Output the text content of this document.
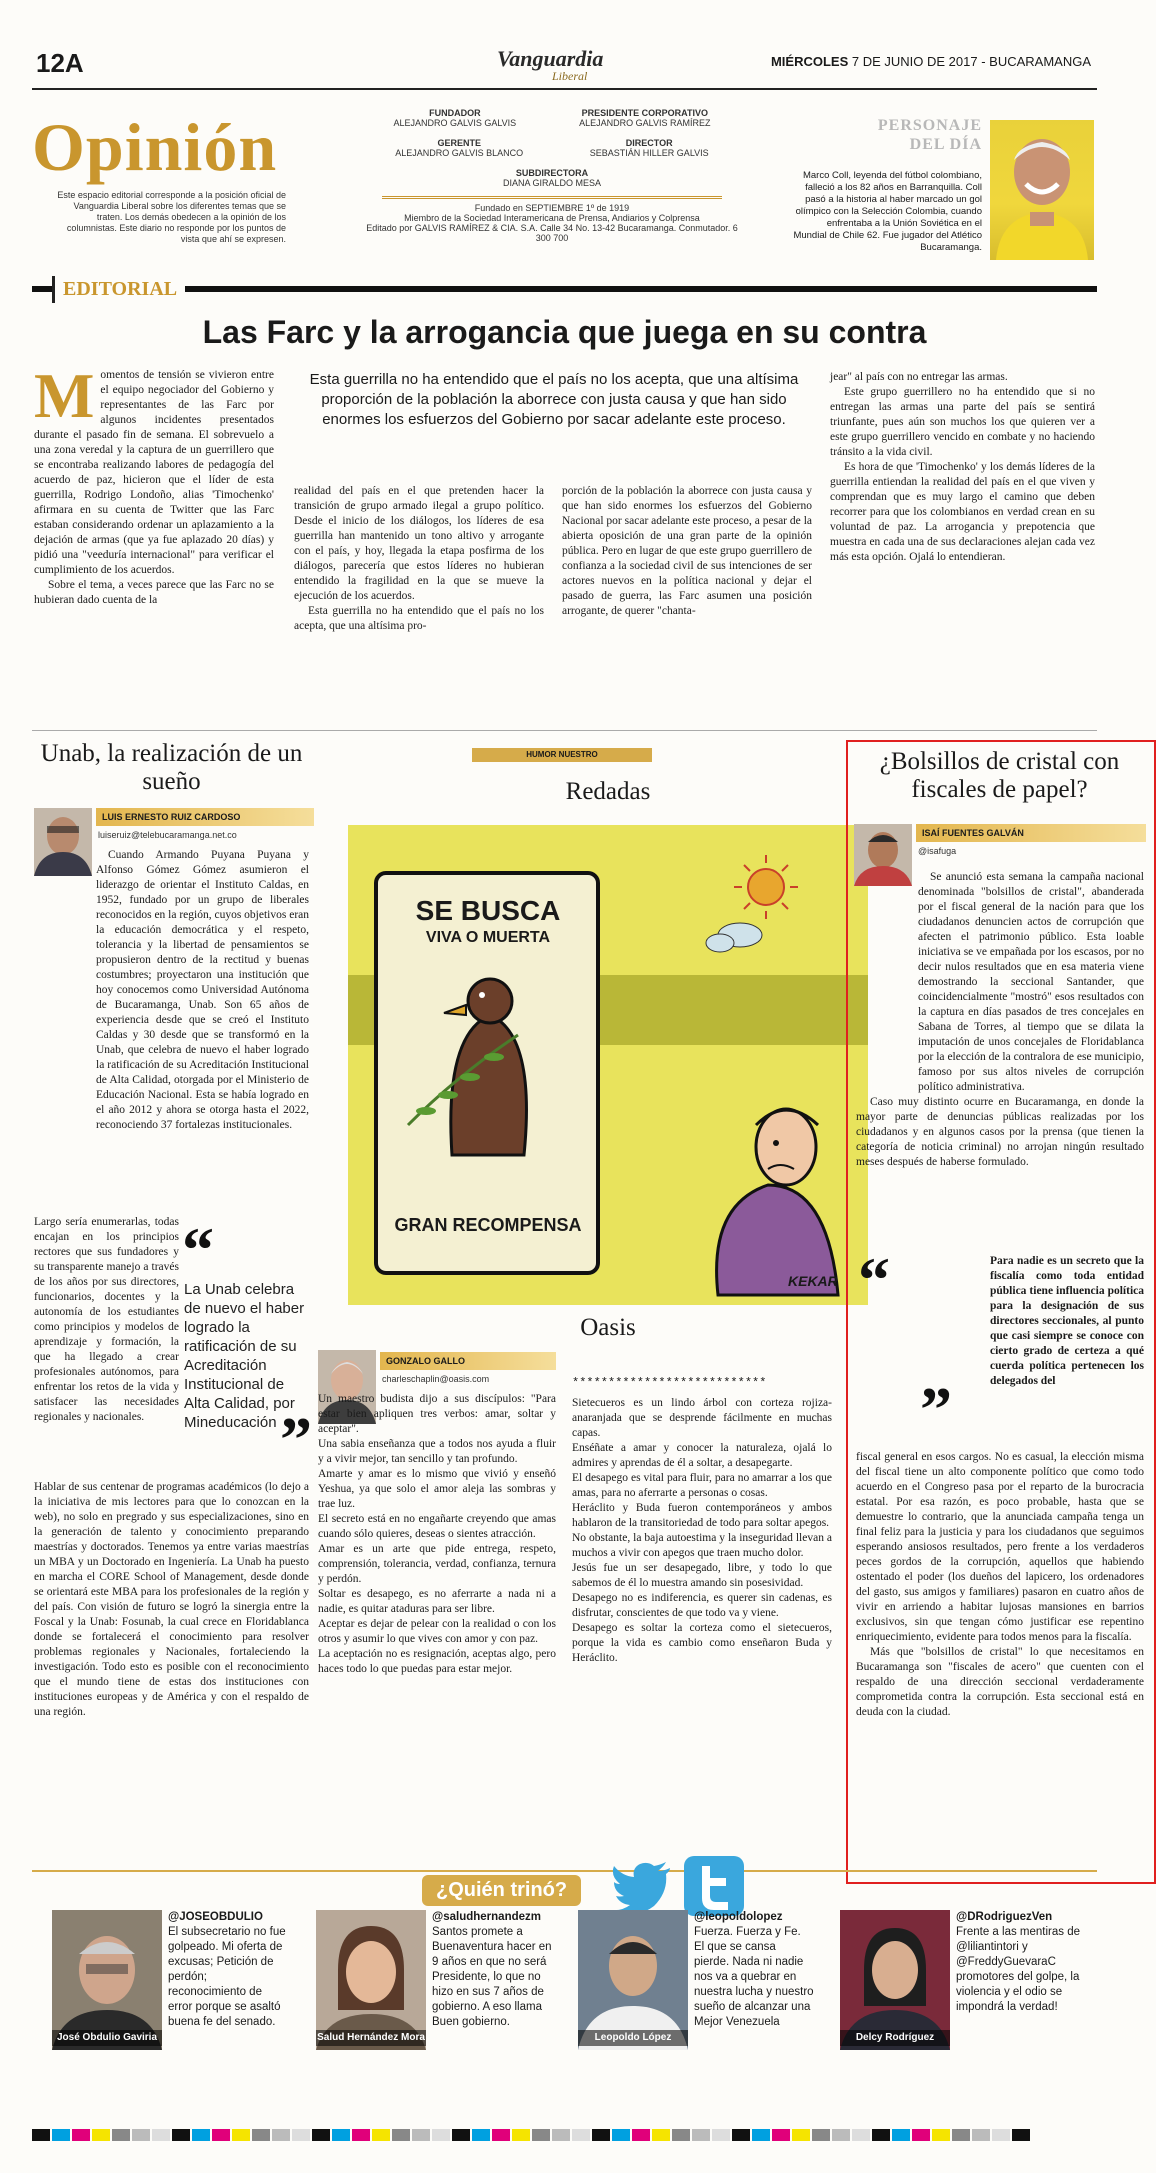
12A	Vanguardia
Liberal
MIÉRCOLES 7 DE JUNIO DE 2017 - BUCARAMANGA
Opinión
Este espacio editorial corresponde a la posición oficial de Vanguardia Liberal sobre los diferentes temas que se traten. Los demás obedecen a la opinión de los columnistas. Este diario no responde por los puntos de vista que ahí se expresen.
FUNDADOR
ALEJANDRO GALVIS GALVIS
PRESIDENTE CORPORATIVO
ALEJANDRO GALVIS RAMÍREZ
GERENTE
ALEJANDRO GALVIS BLANCO
DIRECTOR
SEBASTIÁN HILLER GALVIS
SUBDIRECTORA
DIANA GIRALDO MESA
Fundado en SEPTIEMBRE 1º de 1919
Miembro de la Sociedad Interamericana de Prensa, Andiarios y Colprensa
Editado por GALVIS RAMÍREZ & CIA. S.A. Calle 34 No. 13-42 Bucaramanga. Conmutador. 6 300 700
PERSONAJE
DEL DÍA
Marco Coll, leyenda del fútbol colombiano, falleció a los 82 años en Barranquilla. Coll pasó a la historia al haber marcado un gol olímpico con la Selección Colombia, cuando enfrentaba a la Unión Soviética en el Mundial de Chile 62. Fue jugador del Atlético Bucaramanga.
EDITORIAL
Las Farc y la arrogancia que juega en su contra
Momentos de tensión se vivieron entre el equipo negociador del Gobierno y representantes de las Farc por algunos incidentes presentados durante el pasado fin de semana. El sobrevuelo a una zona veredal y la captura de un guerrillero que se encontraba realizando labores de pedagogía del acuerdo de paz, hicieron que el líder de esta guerrilla, Rodrigo Londoño, alias 'Timochenko' afirmara en su cuenta de Twitter que las Farc estaban considerando ordenar un aplazamiento a la dejación de armas (que ya fue aplazado 20 días) y pidió una "veeduría internacional" para verificar el cumplimiento de los acuerdos.

Sobre el tema, a veces parece que las Farc no se hubieran dado cuenta de la

Esta guerrilla no ha entendido que el país no los acepta, que una altísima proporción de la población la aborrece con justa causa y que han sido enormes los esfuerzos del Gobierno por sacar adelante este proceso.
realidad del país en el que pretenden hacer la transición de grupo armado ilegal a grupo político. Desde el inicio de los diálogos, los líderes de esa guerrilla han mantenido un tono altivo y arrogante con el país, y hoy, llegada la etapa posfirma de los diálogos, parecería que estos líderes no hubieran entendido la fragilidad en la que se mueve la ejecución de los acuerdos.

Esta guerrilla no ha entendido que el país no los acepta, que una altísima pro-

porción de la población la aborrece con justa causa y que han sido enormes los esfuerzos del Gobierno Nacional por sacar adelante este proceso, a pesar de la abierta oposición de una gran parte de la opinión pública. Pero en lugar de que este grupo guerrillero de confianza a la sociedad civil de sus intenciones de ser actores nuevos en la política nacional y dejar el pasado de guerra, las Farc asumen una posición arrogante, de querer "chanta-
jear" al país con no entregar las armas.

Este grupo guerrillero no ha entendido que si no entregan las armas una parte del país se sentirá triunfante, pues aún son muchos los que quieren ver a este grupo guerrillero vencido en combate y no haciendo tránsito a la vida civil.

Es hora de que 'Timochenko' y los demás líderes de la guerrilla entiendan la realidad del país en el que viven y comprendan que es muy largo el camino que deben recorrer para que los colombianos en verdad crean en su voluntad de paz. La arrogancia y prepotencia que muestra en cada una de sus declaraciones alejan cada vez más esta opción. Ojalá lo entendieran.

Unab, la realización de un sueño
LUIS ERNESTO RUIZ CARDOSO
luiseruiz@telebucaramanga.net.co

Cuando Armando Puyana Puyana y Alfonso Gómez Gómez asumieron el liderazgo de orientar el Instituto Caldas, en 1952, fundado por un grupo de liberales reconocidos en la región, cuyos objetivos eran la educación democrática y el respeto, tolerancia y la libertad de pensamientos se propusieron dentro de la rectitud y buenas costumbres; proyectaron una institución que hoy conocemos como Universidad Autónoma de Bucaramanga, Unab. Son 65 años de experiencia desde que se creó el Instituto Caldas y 30 desde que se transformó en la Unab, que celebra de nuevo el haber logrado la ratificación de su Acreditación Institucional de Alta Calidad, otorgada por el Ministerio de Educación Nacional. Esta se había logrado en el año 2012 y ahora se otorga hasta el 2022, reconociendo 37 fortalezas institucionales.

Largo sería enumerarlas, todas encajan en los principios rectores que sus fundadores y su transparente manejo a través de los años por sus directores, funcionarios, docentes y la autonomía de los estudiantes como principios y modelos de aprendizaje y formación, la que ha llegado a crear profesionales autónomos, para enfrentar los retos de la vida y satisfacer las necesidades regionales y nacionales.
“
La Unab celebra de nuevo el haber logrado la ratificación de su Acreditación Institucional de Alta Calidad, por Mineducación ”
Hablar de sus centenar de programas académicos (lo dejo a la iniciativa de mis lectores para que lo conozcan en la web), no solo en pregrado y sus especializaciones, sino en la generación de talento y conocimiento preparando maestrías y doctorados. Tenemos ya entre varias maestrías un MBA y un Doctorado en Ingeniería. La Unab ha puesto en marcha el CORE School of Management, desde donde se orientará este MBA para los profesionales de la región y del país. Con visión de futuro se logró la sinergia entre la Foscal y la Unab: Fosunab, la cual crece en Floridablanca donde se fortalecerá el conocimiento para resolver problemas regionales y Nacionales, fortaleciendo la investigación. Todo esto es posible con el reconocimiento que el mundo tiene de estas dos instituciones con instituciones europeas y de América y con el respaldo de una región.
HUMOR NUESTRO
Redadas
SE BUSCA
VIVA O MUERTA
GRAN RECOMPENSA
KEKAR
Oasis
GONZALO GALLO
charleschaplin@oasis.com
Un maestro budista dijo a sus discípulos: "Para estar bien apliquen tres verbos: amar, soltar y aceptar".
Una sabia enseñanza que a todos nos ayuda a fluir y a vivir mejor, tan sencillo y tan profundo.
Amarte y amar es lo mismo que vivió y enseñó Yeshua, ya que solo el amor aleja las sombras y trae luz.
El secreto está en no engañarte creyendo que amas cuando sólo quieres, deseas o sientes atracción.
Amar es un arte que pide entrega, respeto, comprensión, tolerancia, verdad, confianza, ternura y perdón.
Soltar es desapego, es no aferrarte a nada ni a nadie, es quitar ataduras para ser libre.
Aceptar es dejar de pelear con la realidad o con los otros y asumir lo que vives con amor y con paz.
La aceptación no es resignación, aceptas algo, pero haces todo lo que puedas para estar mejor.
***************************
Sietecueros es un lindo árbol con corteza rojiza-anaranjada que se desprende fácilmente en muchas capas.
Enséñate a amar y conocer la naturaleza, ojalá lo admires y aprendas de él a soltar, a desapegarte.
El desapego es vital para fluir, para no amarrar a los que amas, para no aferrarte a personas o cosas.
Heráclito y Buda fueron contemporáneos y ambos hablaron de la transitoriedad de todo para soltar apegos.
No obstante, la baja autoestima y la inseguridad llevan a muchos a vivir con apegos que traen mucho dolor.
Jesús fue un ser desapegado, libre, y todo lo que sabemos de él lo muestra amando sin posesividad.
Desapego no es indiferencia, es querer sin cadenas, es disfrutar, conscientes de que todo va y viene.
Desapego es soltar la corteza como el sietecueros, porque la vida es cambio como enseñaron Buda y Heráclito.
¿Bolsillos de cristal con fiscales de papel?
ISAÍ FUENTES GALVÁN
@isafuga

Se anunció esta semana la campaña nacional denominada "bolsillos de cristal", abanderada por el fiscal general de la nación para que los ciudadanos denuncien actos de corrupción que afecten el patrimonio público. Esta loable iniciativa se ve empañada por los escasos, por no decir nulos resultados que en esa materia viene demostrando la seccional Santander, que coincidencialmente "mostró" esos resultados con la captura en días pasados de tres concejales en Sabana de Torres, al tiempo que se dilata la imputación de unos concejales de Floridablanca por la elección de la contralora de ese municipio, famoso por sus altos niveles de corrupción político administrativa.

Caso muy distinto ocurre en Bucaramanga, en donde la mayor parte de denuncias públicas realizadas por los ciudadanos y en algunos casos por la prensa (que tienen la categoría de noticia criminal) no arrojan ningún resultado meses después de haberse formulado.

“
”
Para nadie es un secreto que la fiscalía como toda entidad pública tiene influencia política para la designación de sus directores seccionales, al punto que casi siempre se conoce con cierto grado de certeza a qué cuerda política pertenecen los delegados del

fiscal general en esos cargos. No es casual, la elección misma del fiscal tiene un alto componente político que como todo acuerdo en el Congreso pasa por el reparto de la burocracia estatal. Por esa razón, es poco probable, hasta que se demuestre lo contrario, que la anunciada campaña tenga un final feliz para la justicia y para los ciudadanos que seguimos esperando ansiosos resultados, pero frente a los verdaderos peces gordos de la corrupción, aquellos que habiendo ostentado el poder (los dueños del lapicero, los ordenadores del gasto, sus amigos y familiares) pasaron en cuatro años de vivir en arriendo a habitar lujosas mansiones en barrios exclusivos, sin que tengan cómo justificar ese repentino enriquecimiento, evidente para todos menos para la fiscalía.

Más que "bolsillos de cristal" lo que necesitamos en Bucaramanga son "fiscales de acero" que cuenten con el respaldo de una dirección seccional verdaderamente comprometida contra la corrupción. Esta seccional está en deuda con la ciudad.

¿Quién trinó?
José Obdulio Gaviria
@JOSEOBDULIO
El subsecretario no fue golpeado. Mi oferta de excusas; Petición de perdón; reconocimiento de error porque se asaltó buena fe del senado.
Salud Hernández Mora
@saludhernandezm
Santos promete a Buenaventura hacer en 9 años en que no será Presidente, lo que no hizo en sus 7 años de gobierno. A eso llama Buen gobierno.
Leopoldo López
@leopoldolopez
Fuerza. Fuerza y Fe. El que se cansa pierde. Nada ni nadie nos va a quebrar en nuestra lucha y nuestro sueño de alcanzar una Mejor Venezuela
Delcy Rodríguez
@DRodriguezVen
Frente a las mentiras de @liliantintori y @FreddyGuevaraC promotores del golpe, la violencia y el odio se impondrá la verdad!
